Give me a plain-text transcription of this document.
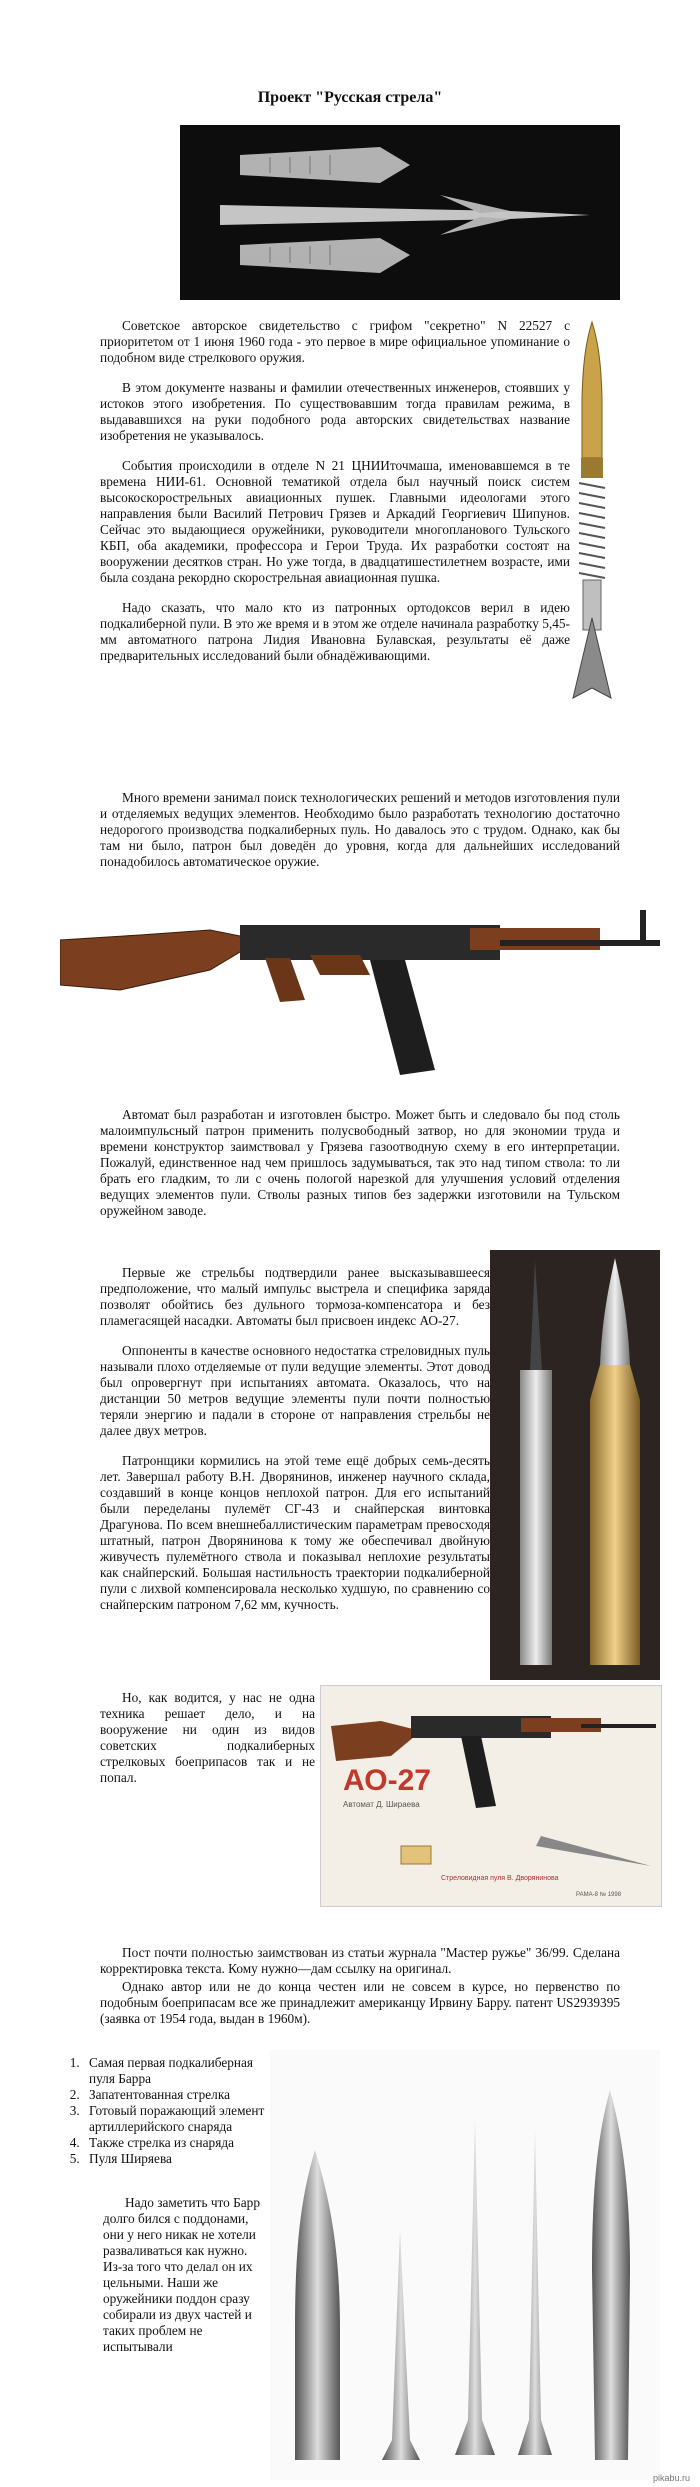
Проект "Русская стрела"

Советское авторское свидетельство с грифом "секретно" N 22527 с приоритетом от 1 июня 1960 года - это первое в мире официальное упоминание о подобном виде стрелкового оружия.

В этом документе названы и фамилии отечественных инженеров, стоявших у истоков этого изобретения. По существовавшим тогда правилам режима, в выдававшихся на руки подобного рода авторских свидетельствах название изобретения не указывалось.

События происходили в отделе N 21 ЦНИИточмаша, именовавшемся в те времена НИИ-61. Основной тематикой отдела был научный поиск систем высокоскорострельных авиационных пушек. Главными идеологами этого направления были Василий Петрович Грязев и Аркадий Георгиевич Шипунов. Сейчас это выдающиеся оружейники, руководители многопланового Тульского КБП, оба академики, профессора и Герои Труда. Их разработки состоят на вооружении десятков стран. Но уже тогда, в двадцатишестилетнем возрасте, ими была создана рекордно скорострельная авиационная пушка.

Надо сказать, что мало кто из патронных ортодоксов верил в идею подкалиберной пули. В это же время и в этом же отделе начинала разработку 5,45-мм автоматного патрона Лидия Ивановна Булавская, результаты её даже предварительных исследований были обнадёживающими.

Много времени занимал поиск технологических решений и методов изготовления пули и отделяемых ведущих элементов. Необходимо было разработать технологию достаточно недорогого производства подкалиберных пуль. Но давалось это с трудом. Однако, как бы там ни было, патрон был доведён до уровня, когда для дальнейших исследований понадобилось автоматическое оружие.

Автомат был разработан и изготовлен быстро. Может быть и следовало бы под столь малоимпульсный патрон применить полусвободный затвор, но для экономии труда и времени конструктор заимствовал у Грязева газоотводную схему в его интерпретации. Пожалуй, единственное над чем пришлось задумываться, так это над типом ствола: то ли брать его гладким, то ли с очень пологой нарезкой для улучшения условий отделения ведущих элементов пули. Стволы разных типов без задержки изготовили на Тульском оружейном заводе.

Первые же стрельбы подтвердили ранее высказывавшееся предположение, что малый импульс выстрела и специфика заряда позволят обойтись без дульного тормоза-компенсатора и без пламегасящей насадки. Автоматы был присвоен индекс АО-27.

Оппоненты в качестве основного недостатка стреловидных пуль называли плохо отделяемые от пули ведущие элементы. Этот довод был опровергнут при испытаниях автомата. Оказалось, что на дистанции 50 метров ведущие элементы пули почти полностью теряли энергию и падали в стороне от направления стрельбы не далее двух метров.

Патронщики кормились на этой теме ещё добрых семь-десять лет. Завершал работу В.Н. Дворянинов, инженер научного склада, создавший в конце концов неплохой патрон. Для его испытаний были переделаны пулемёт СГ-43 и снайперская винтовка Драгунова. По всем внешнебаллистическим параметрам превосходя штатный, патрон Дворянинова к тому же обеспечивал двойную живучесть пулемётного ствола и показывал неплохие результаты как снайперский. Большая настильность траектории подкалиберной пули с лихвой компенсировала несколько худшую, по сравнению со снайперским патроном 7,62 мм, кучность.

Но, как водится, у нас не одна техника решает дело, и на вооружение ни один из видов советских подкалиберных стрелковых боеприпасов так и не попал.	АО-27
Автомат Д. Шираева
Стреловидная пуля В. Дворянинова
РАМА-8 № 1998

Пост почти полностью заимствован из статьи журнала "Мастер ружье" 36/99. Сделана корректировка текста. Кому нужно—дам ссылку на оригинал.

Однако автор или не до конца честен или не совсем в курсе, но первенство по подобным боеприпасам все же принадлежит американцу Ирвину Барру. патент US2939395 (заявка от 1954 года, выдан в 1960м).

1. Самая первая подкалиберная пуля Барра
2. Запатентованная стрелка
3. Готовый поражающий элемент артиллерийского снаряда
4. Также стрелка из снаряда
5. Пуля Ширяева

Надо заметить что Барр долго бился с поддонами, они у него никак не хотели разваливаться как нужно. Из-за того что делал он их цельными. Наши же оружейники поддон сразу собирали из двух частей и таких проблем не испытывали

pikabu.ru
